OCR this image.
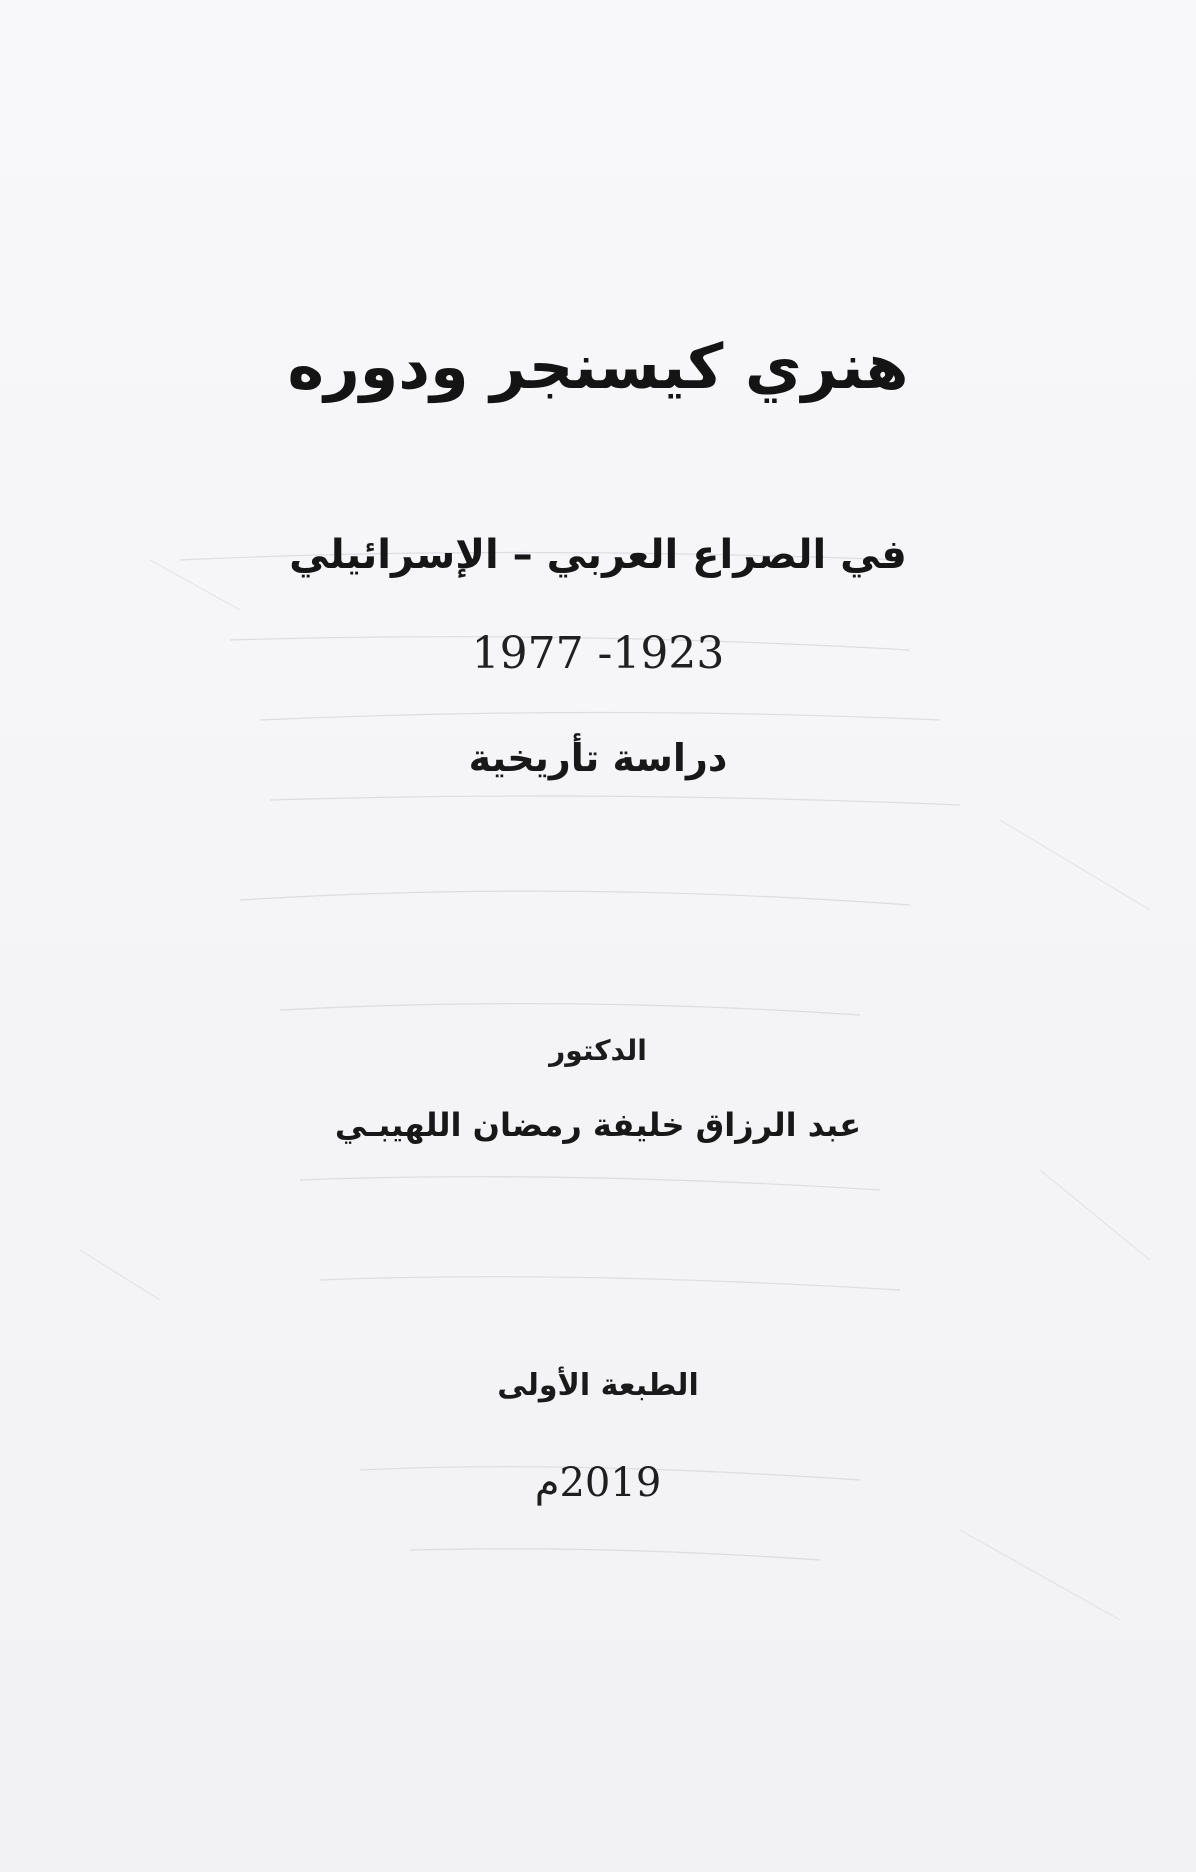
هنري كيسنجر ودوره
في الصراع العربي – الإسرائيلي
1977 -1923
دراسة تأريخية
الدكتور
عبد الرزاق خليفة رمضان اللهيبـي
الطبعة الأولى
2019م
